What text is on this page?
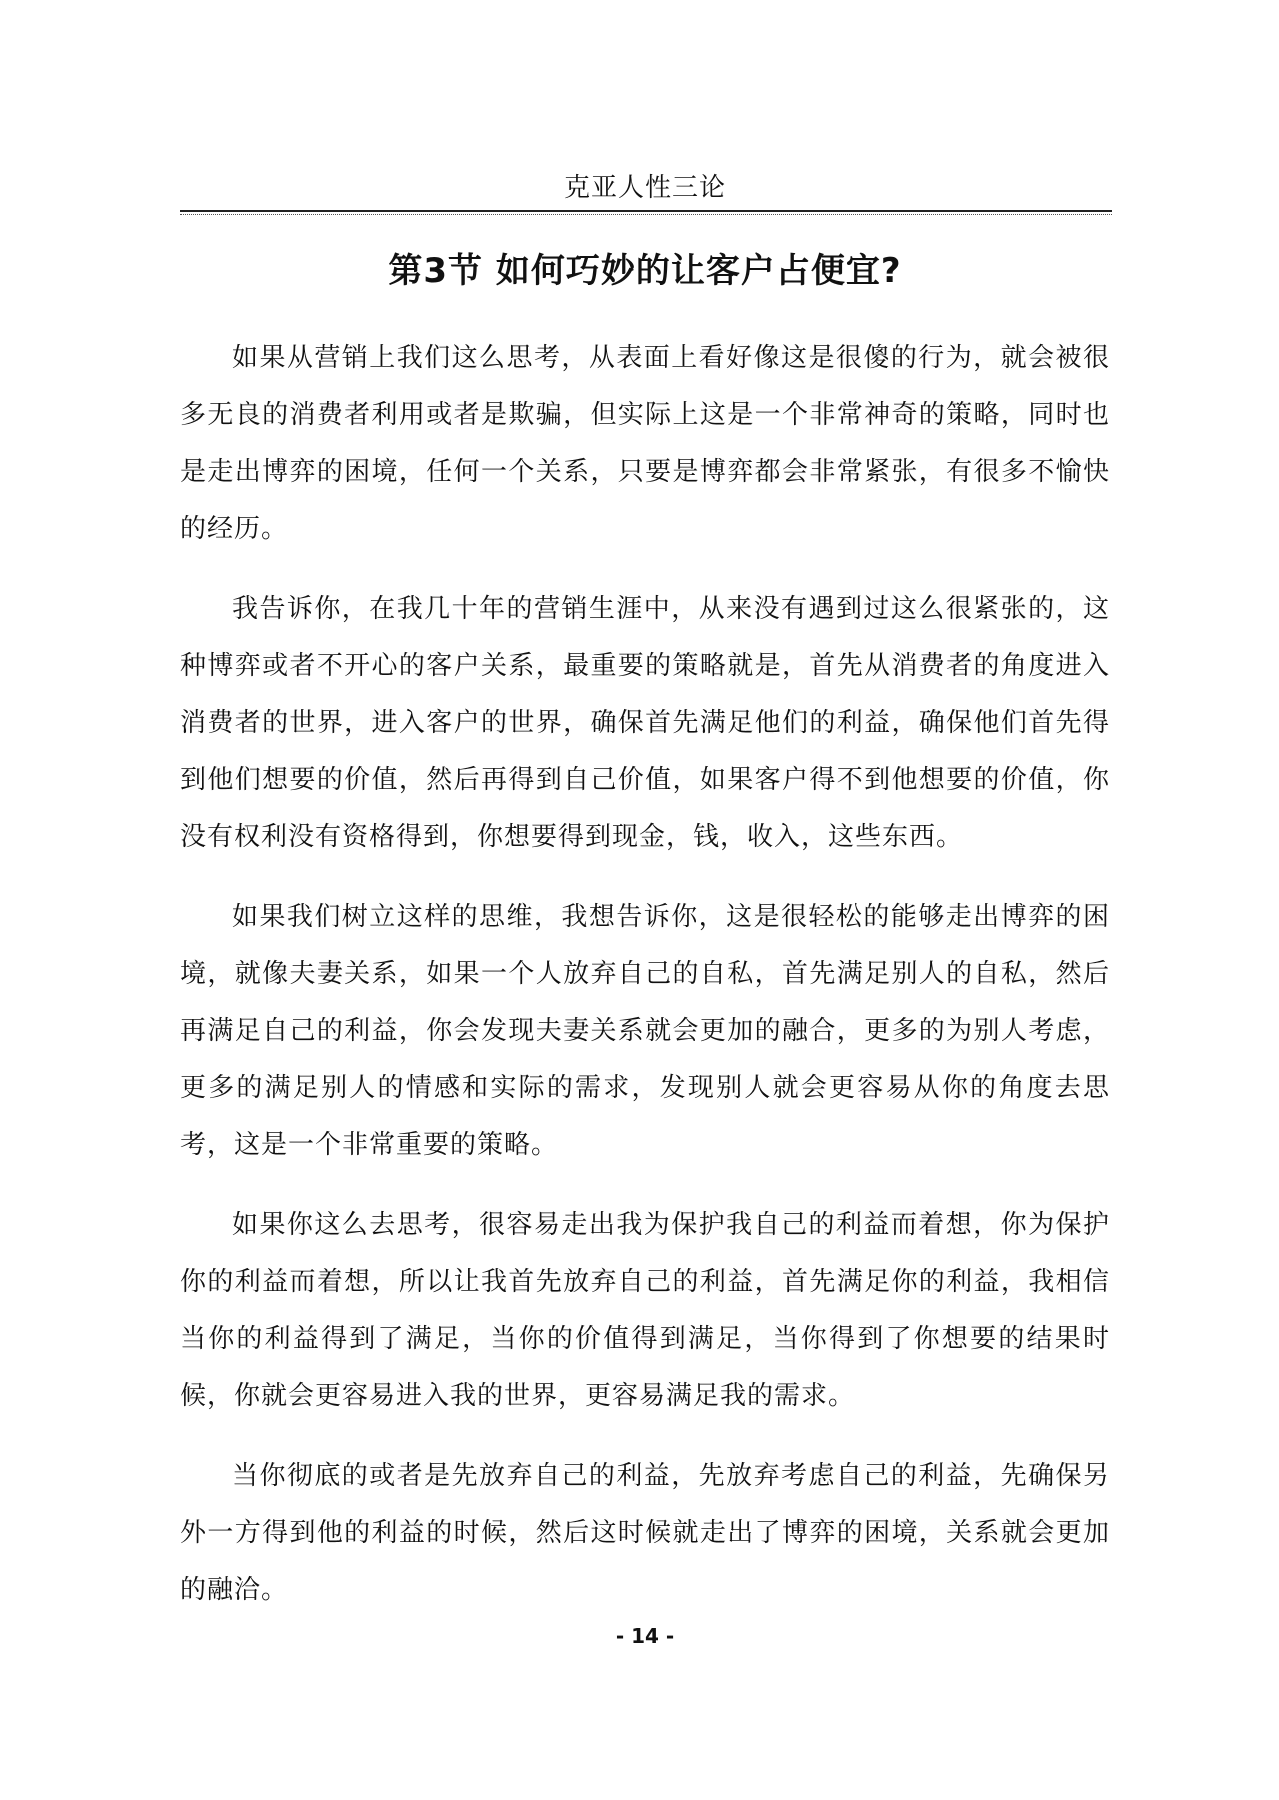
克亚人性三论
第3节 如何巧妙的让客户占便宜?

如果从营销上我们这么思考，从表面上看好像这是很傻的行为，就会被很多无良的消费者利用或者是欺骗，但实际上这是一个非常神奇的策略，同时也是走出博弈的困境，任何一个关系，只要是博弈都会非常紧张，有很多不愉快的经历。

我告诉你，在我几十年的营销生涯中，从来没有遇到过这么很紧张的，这种博弈或者不开心的客户关系，最重要的策略就是，首先从消费者的角度进入消费者的世界，进入客户的世界，确保首先满足他们的利益，确保他们首先得到他们想要的价值，然后再得到自己价值，如果客户得不到他想要的价值，你没有权利没有资格得到，你想要得到现金，钱，收入，这些东西。

如果我们树立这样的思维，我想告诉你，这是很轻松的能够走出博弈的困境，就像夫妻关系，如果一个人放弃自己的自私，首先满足别人的自私，然后再满足自己的利益，你会发现夫妻关系就会更加的融合，更多的为别人考虑，更多的满足别人的情感和实际的需求，发现别人就会更容易从你的角度去思考，这是一个非常重要的策略。

如果你这么去思考，很容易走出我为保护我自己的利益而着想，你为保护你的利益而着想，所以让我首先放弃自己的利益，首先满足你的利益，我相信当你的利益得到了满足，当你的价值得到满足，当你得到了你想要的结果时候，你就会更容易进入我的世界，更容易满足我的需求。

当你彻底的或者是先放弃自己的利益，先放弃考虑自己的利益，先确保另外一方得到他的利益的时候，然后这时候就走出了博弈的困境，关系就会更加的融洽。

- 14 -
